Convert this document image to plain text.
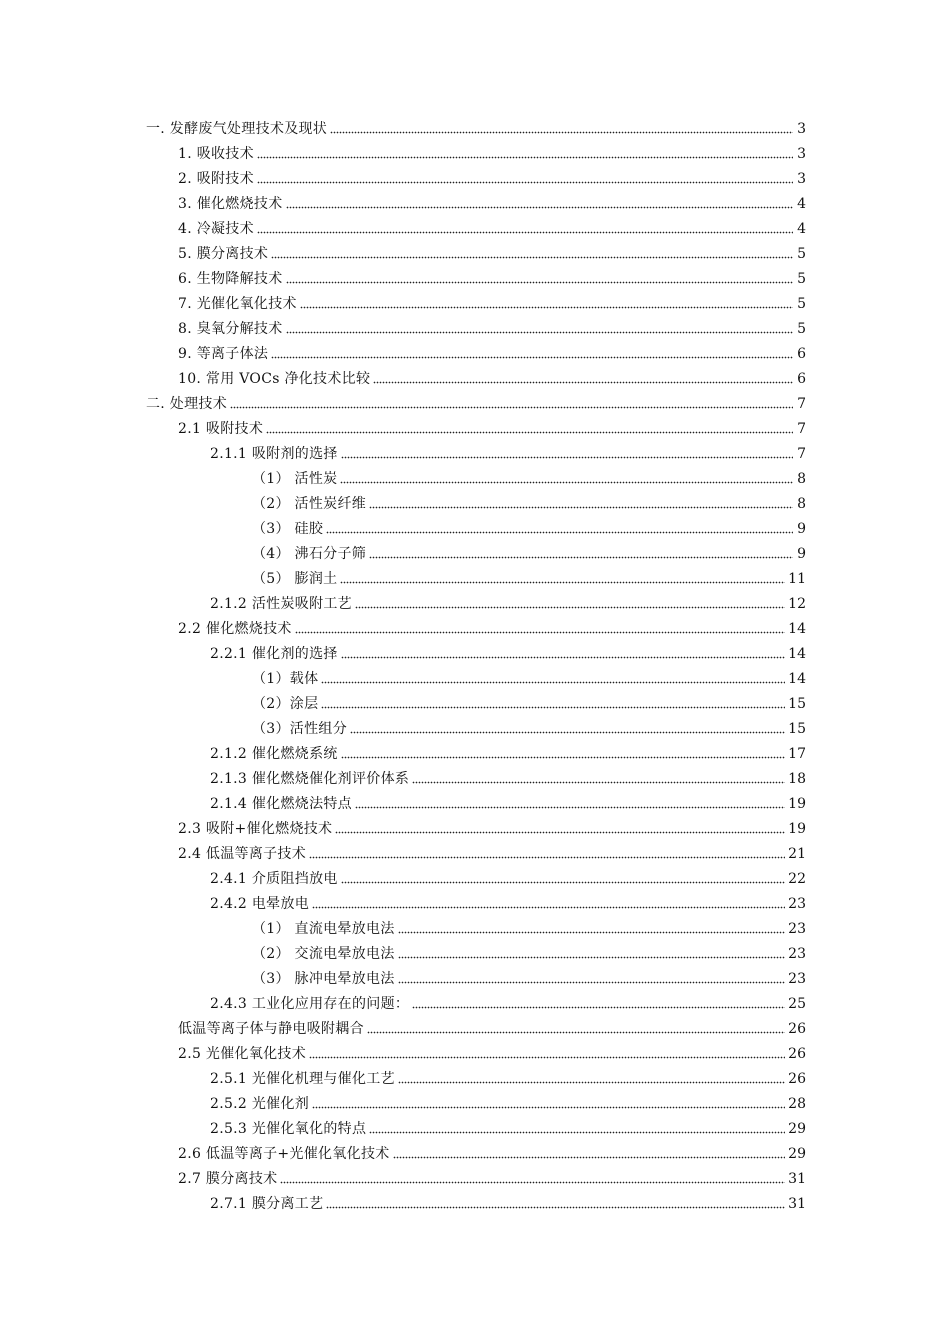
一. 发酵废气处理技术及现状	3
1. 吸收技术	3
2. 吸附技术	3
3. 催化燃烧技术	4
4. 冷凝技术	4
5. 膜分离技术	5
6. 生物降解技术	5
7. 光催化氧化技术	5
8. 臭氧分解技术	5
9. 等离子体法	6
10. 常用 VOCs 净化技术比较	6
二. 处理技术	7
2.1 吸附技术	7
2.1.1 吸附剂的选择	7
（1） 活性炭	8
（2） 活性炭纤维	8
（3） 硅胶	9
（4） 沸石分子筛	9
（5） 膨润土	11
2.1.2 活性炭吸附工艺	12
2.2 催化燃烧技术	14
2.2.1 催化剂的选择	14
（1）载体	14
（2）涂层	15
（3）活性组分	15
2.1.2 催化燃烧系统	17
2.1.3 催化燃烧催化剂评价体系	18
2.1.4 催化燃烧法特点	19
2.3 吸附+催化燃烧技术	19
2.4 低温等离子技术	21
2.4.1 介质阻挡放电	22
2.4.2 电晕放电	23
（1） 直流电晕放电法	23
（2） 交流电晕放电法	23
（3） 脉冲电晕放电法	23
2.4.3 工业化应用存在的问题：	25
低温等离子体与静电吸附耦合	26
2.5 光催化氧化技术	26
2.5.1 光催化机理与催化工艺	26
2.5.2 光催化剂	28
2.5.3 光催化氧化的特点	29
2.6 低温等离子+光催化氧化技术	29
2.7 膜分离技术	31
2.7.1 膜分离工艺	31
